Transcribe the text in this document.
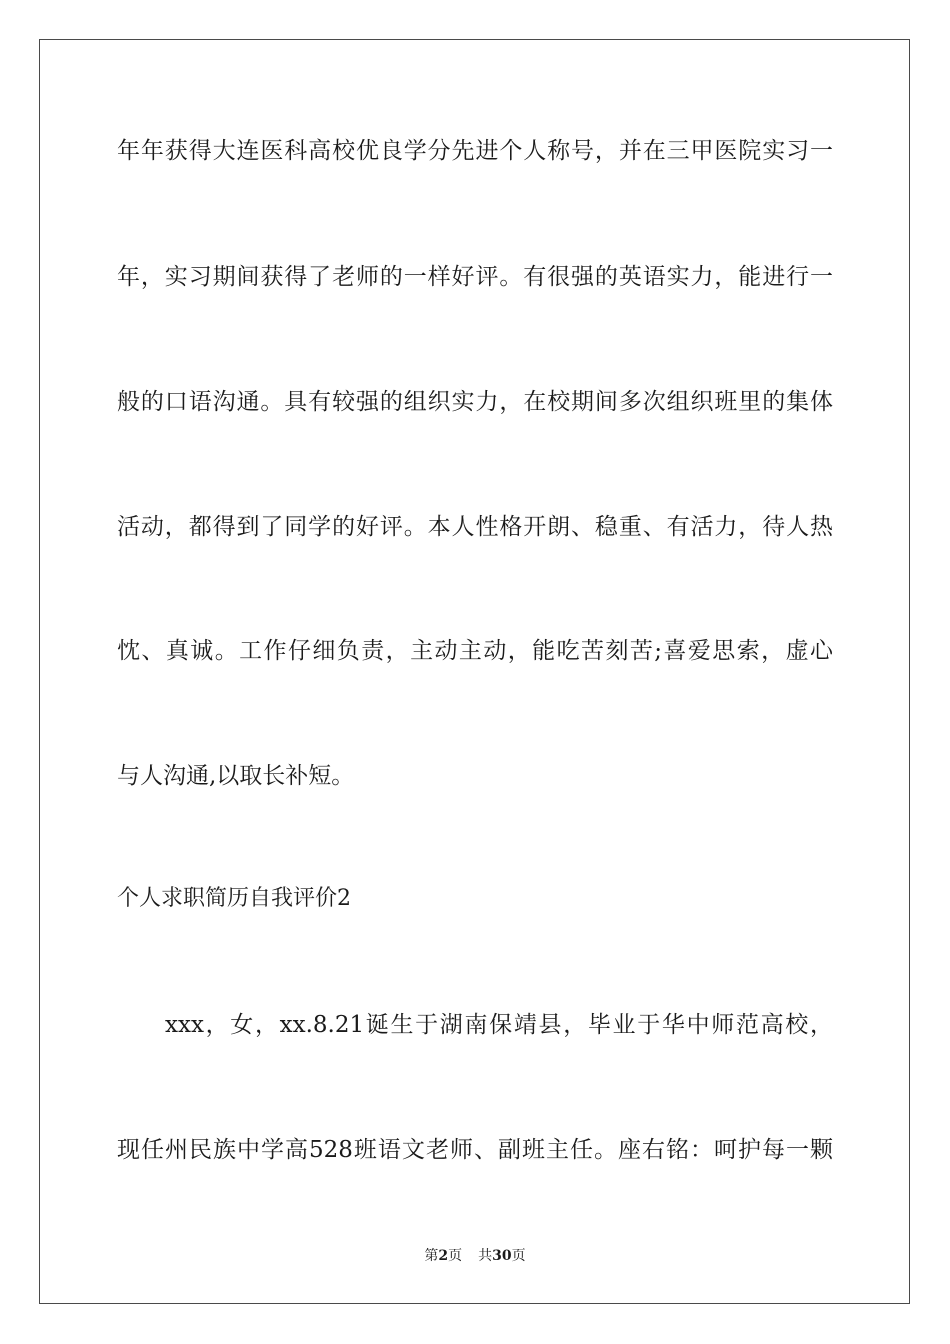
年年获得大连医科高校优良学分先进个人称号，并在三甲医院实习一
年，实习期间获得了老师的一样好评。有很强的英语实力，能进行一
般的口语沟通。具有较强的组织实力，在校期间多次组织班里的集体
活动，都得到了同学的好评。本人性格开朗、稳重、有活力，待人热
忱、真诚。工作仔细负责，主动主动，能吃苦刻苦;喜爱思索，虚心
与人沟通,以取长补短。
个人求职简历自我评价2
xxx，女，xx.8.21诞生于湖南保靖县，毕业于华中师范高校，
现任州民族中学高528班语文老师、副班主任。座右铭：呵护每一颗
第2页 共30页
